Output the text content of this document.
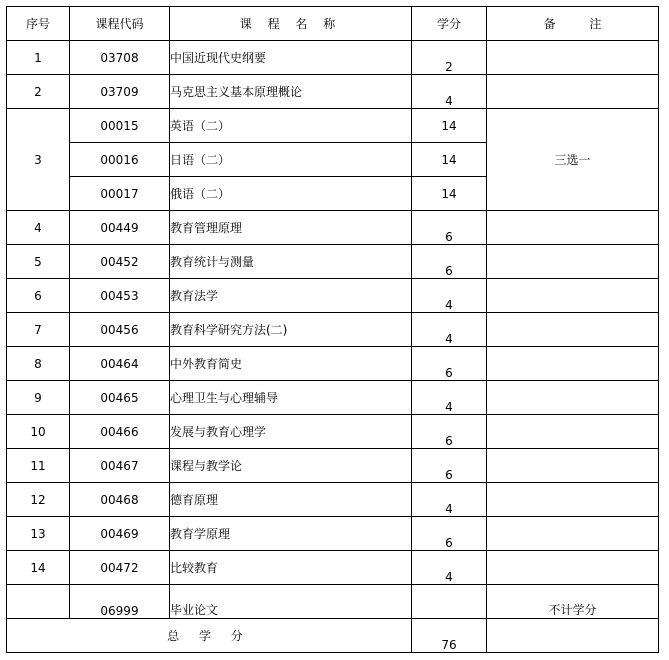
序号	课程代码	课 程 名 称	学分	备 注
1	03708	中国近现代史纲要	2	
2	03709	马克思主义基本原理概论	4	
3	00015	英语（二）	14	三选一
	00016	日语（二）	14	
	00017	俄语（二）	14	
4	00449	教育管理原理	6	
5	00452	教育统计与测量	6	
6	00453	教育法学	4	
7	00456	教育科学研究方法(二)	4	
8	00464	中外教育简史	6	
9	00465	心理卫生与心理辅导	4	
10	00466	发展与教育心理学	6	
11	00467	课程与教学论	6	
12	00468	德育原理	4	
13	00469	教育学原理	6	
14	00472	比较教育	4	
	06999	毕业论文		不计学分
总 学 分			76	
